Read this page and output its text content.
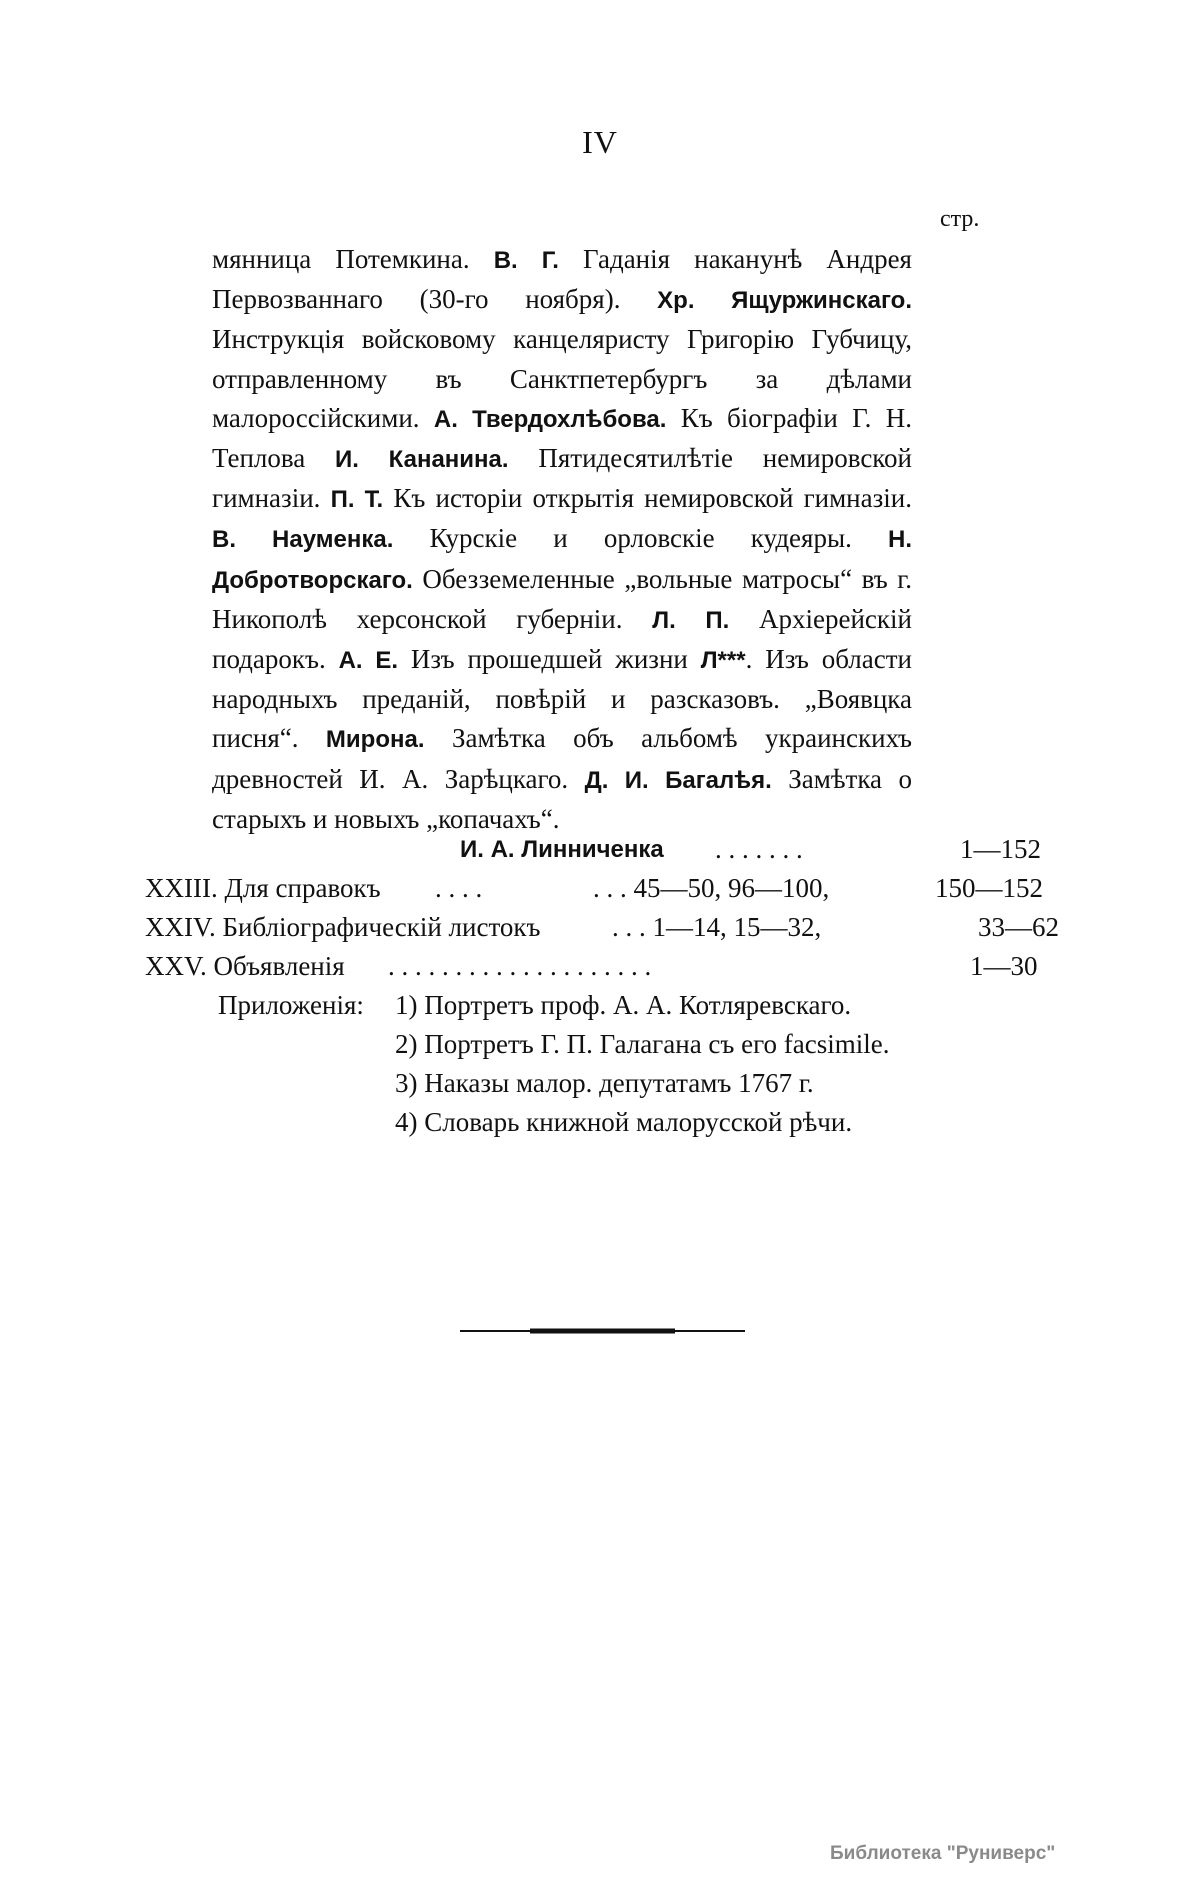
IV
стр.

мянница Потемкина. В. Г. Гаданія наканунѣ Андрея Первозваннаго (30-го ноября). Хр. Ящуржинскаго. Инструкція войсковому канцеляристу Григорію Губчицу, отправленному въ Санктпетербургъ за дѣлами малороссійскими. А. Твердохлѣбова. Къ біографіи Г. Н. Теплова И. Кананина. Пятидесятилѣтіе немировской гимназіи. П. Т. Къ исторіи открытія немировской гимназіи. В. Науменка. Курскіе и орловскіе кудеяры. Н. Добротворскаго. Обезземеленные „вольные матросы“ въ г. Никополѣ херсонской губерніи. Л. П. Архіерейскій подарокъ. А. Е. Изъ прошедшей жизни Л***. Изъ области народныхъ преданій, повѣрій и разсказовъ. „Воявцка писня“. Мирона. Замѣтка объ альбомѣ украинскихъ древностей И. А. Зарѣцкаго. Д. И. Багалѣя. Замѣтка о старыхъ и новыхъ „копачахъ“.

И. А. Линниченка . . . . . . .	1—152
XXIII. Для справокъ . . . .	. . . 45—50, 96—100,	150—152
XXIV. Библіографическій листокъ	. . . 1—14, 15—32,	33—62
XXV. Объявленія . . . . . . . . . . . . . . . . . . . .	1—30
Приложенія: 1) Портретъ проф. А. А. Котляревскаго.
2) Портретъ Г. П. Галагана съ его facsimile.
3) Наказы малор. депутатамъ 1767 г.
4) Словарь книжной малорусской рѣчи.
Библиотека "Руниверс"
